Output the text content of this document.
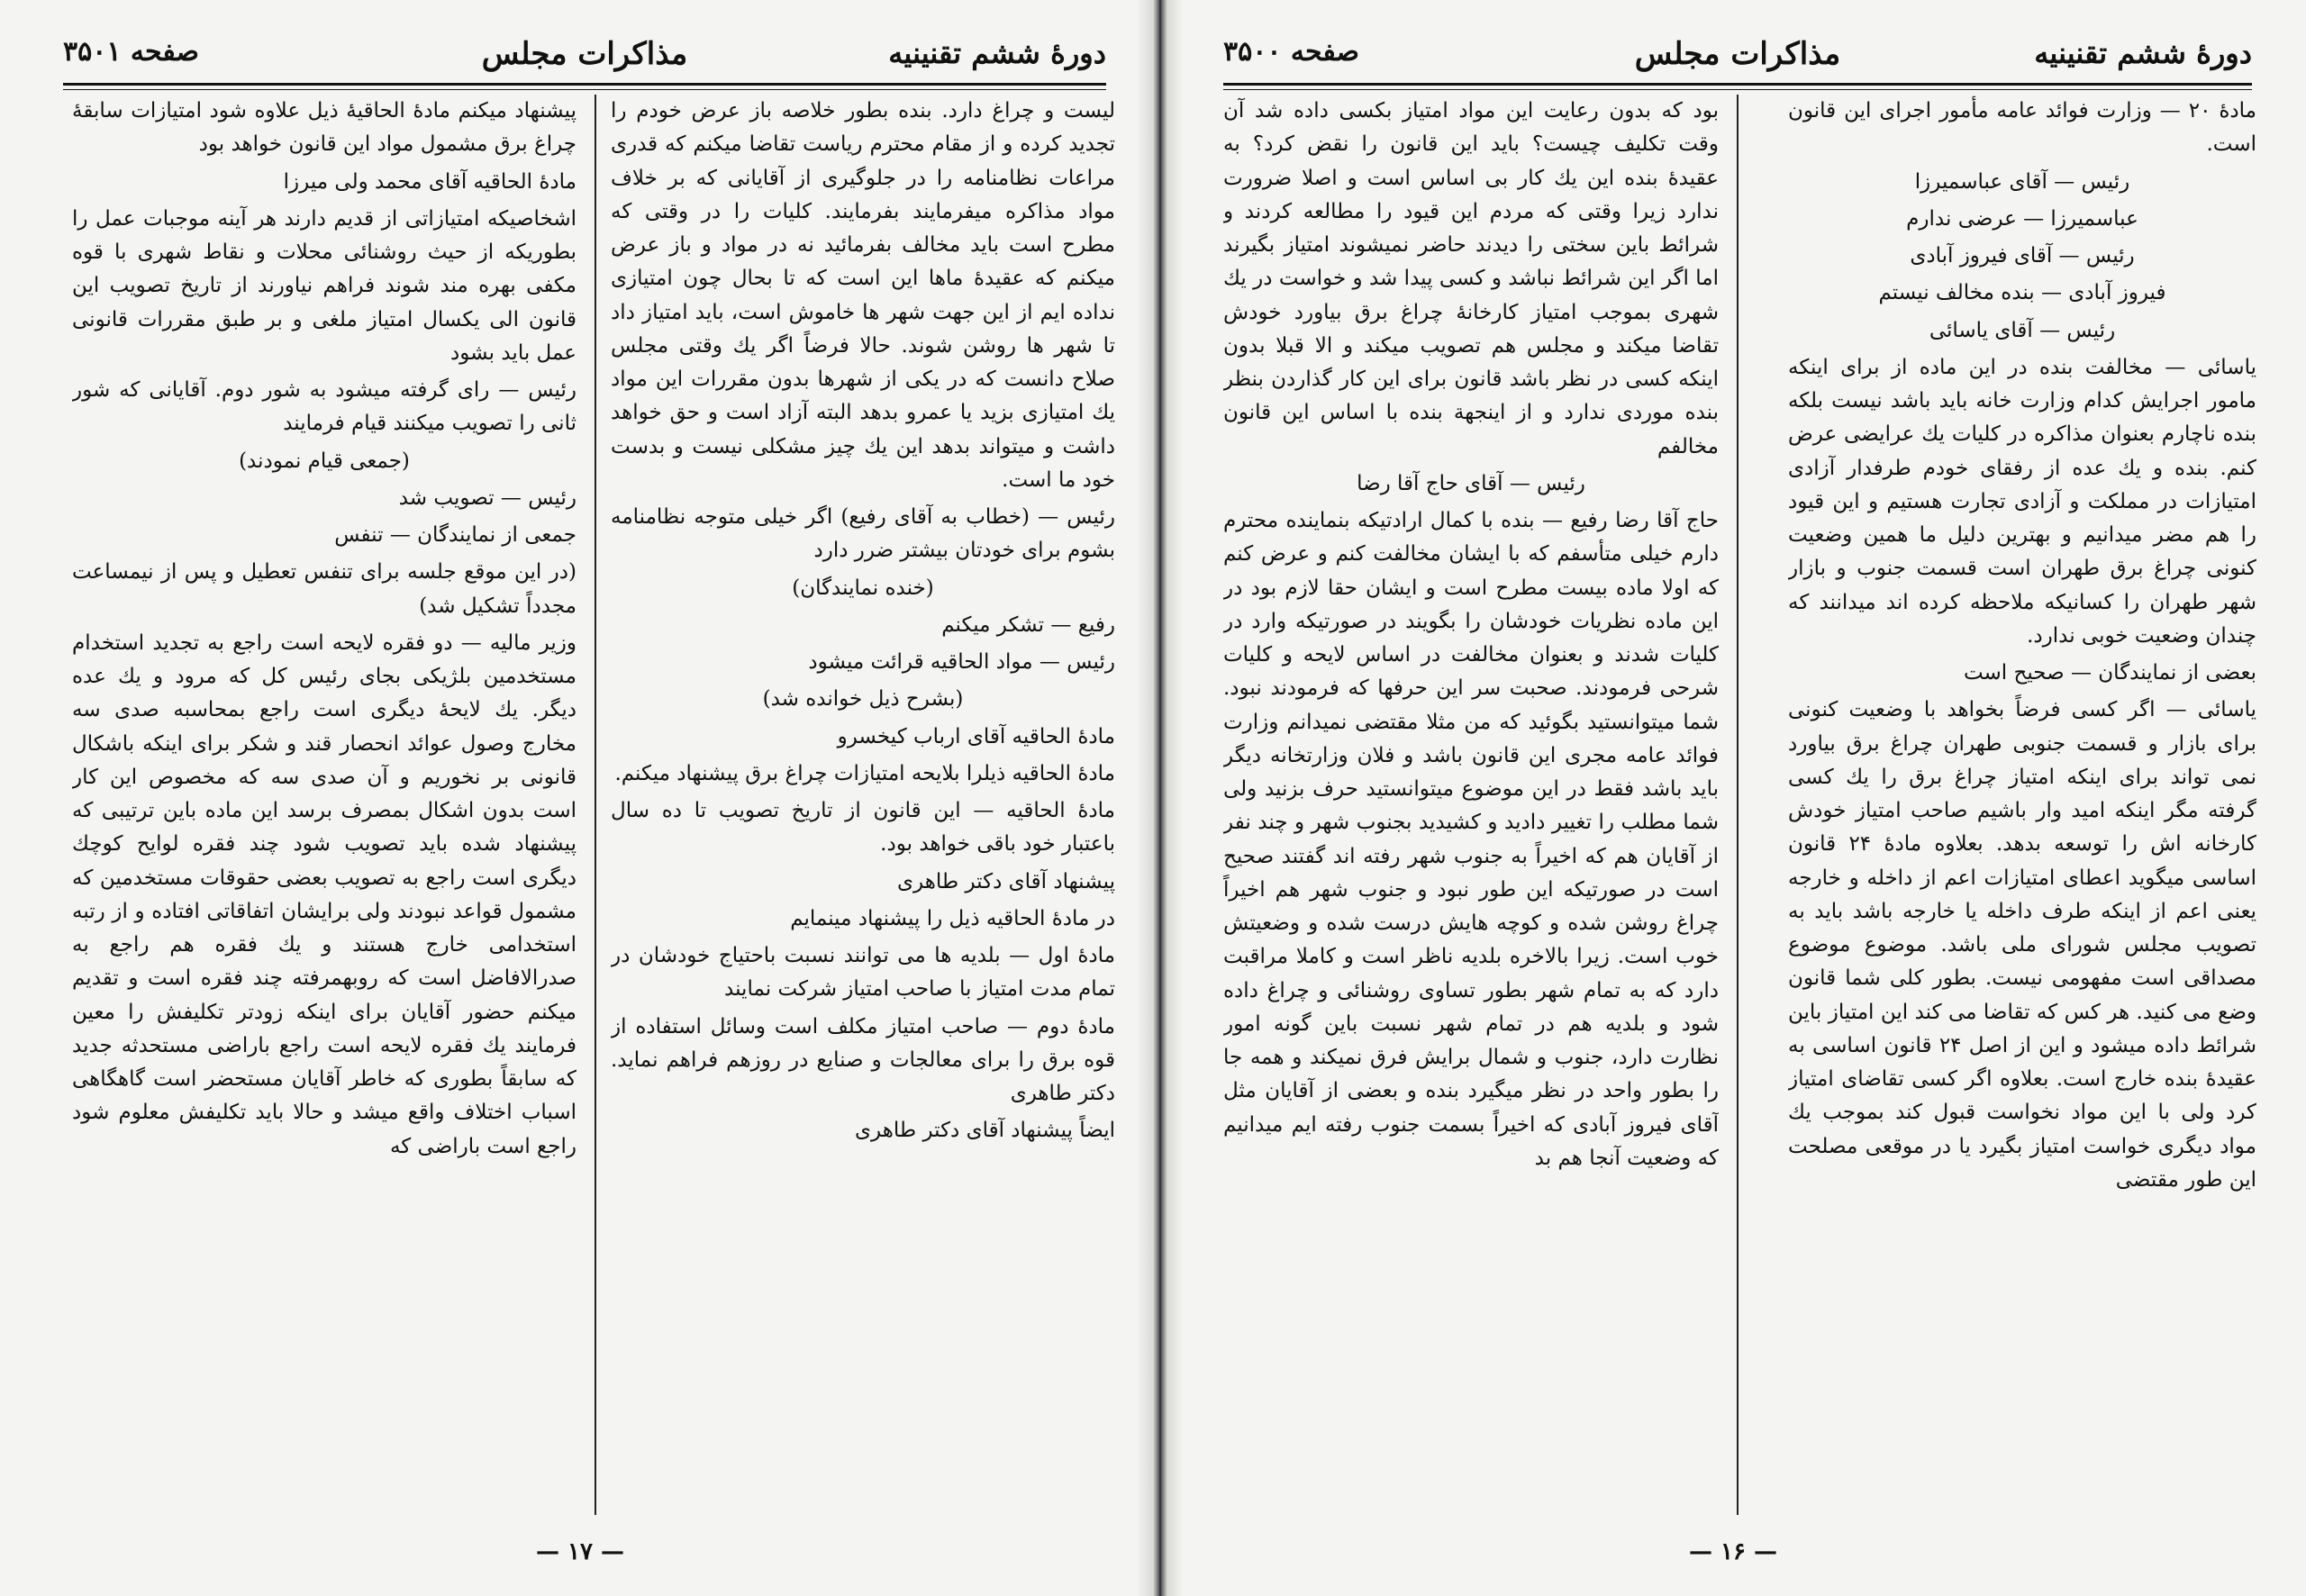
دورهٔ ششم تقنینیه
مذاکرات مجلس
صفحه ۳۵۰۱

لیست و چراغ دارد. بنده بطور خلاصه باز عرض خودم را تجدید کرده و از مقام محترم ریاست تقاضا میکنم که قدری مراعات نظامنامه را در جلوگیری از آقایانی که بر خلاف مواد مذاکره میفرمایند بفرمایند. کلیات را در وقتی که مطرح است باید مخالف بفرمائید نه در مواد و باز عرض میکنم که عقیدهٔ ماها این است که تا بحال چون امتیازی نداده ایم از این جهت شهر ها خاموش است، باید امتیاز داد تا شهر ها روشن شوند. حالا فرضاً اگر یك وقتی مجلس صلاح دانست که در یکی از شهرها بدون مقررات این مواد یك امتیازی بزید یا عمرو بدهد البته آزاد است و حق خواهد داشت و میتواند بدهد این یك چیز مشکلی نیست و بدست خود ما است.

رئیس — (خطاب به آقای رفیع) اگر خیلی متوجه نظامنامه بشوم برای خودتان بیشتر ضرر دارد

(خنده نمایندگان)

رفیع — تشکر میکنم

رئیس — مواد الحاقیه قرائت میشود

(بشرح ذیل خوانده شد)

مادهٔ الحاقیه آقای ارباب کیخسرو

مادهٔ الحاقیه ذیلرا بلایحه امتیازات چراغ برق پیشنهاد میکنم.

مادهٔ الحاقیه — این قانون از تاریخ تصویب تا ده سال باعتبار خود باقی خواهد بود.

پیشنهاد آقای دکتر طاهری

در مادهٔ الحاقیه ذیل را پیشنهاد مینمایم

مادهٔ اول — بلدیه ها می توانند نسبت باحتیاج خودشان در تمام مدت امتیاز با صاحب امتیاز شرکت نمایند

مادهٔ دوم — صاحب امتیاز مکلف است وسائل استفاده از قوه برق را برای معالجات و صنایع در روزهم فراهم نماید. دکتر طاهری

ایضاً پیشنهاد آقای دکتر طاهری

پیشنهاد میکنم مادهٔ الحاقیهٔ ذیل علاوه شود امتیازات سابقهٔ چراغ برق مشمول مواد این قانون خواهد بود

مادهٔ الحاقیه آقای محمد ولی میرزا

اشخاصیکه امتیازاتی از قدیم دارند هر آینه موجبات عمل را بطوریکه از حیث روشنائی محلات و نقاط شهری با قوه مکفی بهره مند شوند فراهم نیاورند از تاریخ تصویب این قانون الی یکسال امتیاز ملغی و بر طبق مقررات قانونی عمل باید بشود

رئیس — رای گرفته میشود به شور دوم. آقایانی که شور ثانی را تصویب میکنند قیام فرمایند

(جمعی قیام نمودند)

رئیس — تصویب شد

جمعی از نمایندگان — تنفس

(در این موقع جلسه برای تنفس تعطیل و پس از نیمساعت مجدداً تشکیل شد)

وزیر مالیه — دو فقره لایحه است راجع به تجدید استخدام مستخدمین بلژیکی بجای رئیس کل که مرود و یك عده دیگر. یك لایحهٔ دیگری است راجع بمحاسبه صدی سه مخارج وصول عوائد انحصار قند و شکر برای اینکه باشکال قانونی بر نخوریم و آن صدی سه که مخصوص این کار است بدون اشکال بمصرف برسد این ماده باین ترتیبی که پیشنهاد شده باید تصویب شود چند فقره لوایح کوچك دیگری است راجع به تصویب بعضی حقوقات مستخدمین که مشمول قواعد نبودند ولی برایشان اتفاقاتی افتاده و از رتبه استخدامی خارج هستند و یك فقره هم راجع به صدرالافاضل است که روبهمرفته چند فقره است و تقدیم میکنم حضور آقایان برای اینکه زودتر تکلیفش را معین فرمایند یك فقره لایحه است راجع باراضی مستحدثه جدید که سابقاً بطوری که خاطر آقایان مستحضر است گاهگاهی اسباب اختلاف واقع میشد و حالا باید تکلیفش معلوم شود راجع است باراضی که

— ۱۷ —
دورهٔ ششم تقنینیه
مذاکرات مجلس
صفحه ۳۵۰۰

مادهٔ ۲۰ — وزارت فوائد عامه مأمور اجرای این قانون است.

رئیس — آقای عباسمیرزا

عباسمیرزا — عرضی ندارم

رئیس — آقای فیروز آبادی

فیروز آبادی — بنده مخالف نیستم

رئیس — آقای یاسائی

یاسائی — مخالفت بنده در این ماده از برای اینکه مامور اجرایش کدام وزارت خانه باید باشد نیست بلکه بنده ناچارم بعنوان مذاکره در کلیات یك عرایضی عرض کنم. بنده و یك عده از رفقای خودم طرفدار آزادی امتیازات در مملکت و آزادی تجارت هستیم و این قیود را هم مضر میدانیم و بهترین دلیل ما همین وضعیت کنونی چراغ برق طهران است قسمت جنوب و بازار شهر طهران را کسانیکه ملاحظه کرده اند میدانند که چندان وضعیت خوبی ندارد.

بعضی از نمایندگان — صحیح است

یاسائی — اگر کسی فرضاً بخواهد با وضعیت کنونی برای بازار و قسمت جنوبی طهران چراغ برق بیاورد نمی تواند برای اینکه امتیاز چراغ برق را یك کسی گرفته مگر اینکه امید وار باشیم صاحب امتیاز خودش کارخانه اش را توسعه بدهد. بعلاوه مادهٔ ۲۴ قانون اساسی میگوید اعطای امتیازات اعم از داخله و خارجه یعنی اعم از اینکه طرف داخله یا خارجه باشد باید به تصویب مجلس شورای ملی باشد. موضوع موضوع مصداقی است مفهومی نیست. بطور کلی شما قانون وضع می کنید. هر کس که تقاضا می کند این امتیاز باین شرائط داده میشود و این از اصل ۲۴ قانون اساسی به عقیدهٔ بنده خارج است. بعلاوه اگر کسی تقاضای امتیاز کرد ولی با این مواد نخواست قبول کند بموجب یك مواد دیگری خواست امتیاز بگیرد یا در موقعی مصلحت این طور مقتضی

بود که بدون رعایت این مواد امتیاز بکسی داده شد آن وقت تکلیف چیست؟ باید این قانون را نقض کرد؟ به عقیدهٔ بنده این یك کار بی اساس است و اصلا ضرورت ندارد زیرا وقتی که مردم این قیود را مطالعه کردند و شرائط باین سختی را دیدند حاضر نمیشوند امتیاز بگیرند اما اگر این شرائط نباشد و کسی پیدا شد و خواست در یك شهری بموجب امتیاز کارخانهٔ چراغ برق بیاورد خودش تقاضا میکند و مجلس هم تصویب میکند و الا قبلا بدون اینکه کسی در نظر باشد قانون برای این کار گذاردن بنظر بنده موردی ندارد و از اینجهة بنده با اساس این قانون مخالفم

رئیس — آقای حاج آقا رضا

حاج آقا رضا رفیع — بنده با کمال ارادتیکه بنماینده محترم دارم خیلی متأسفم که با ایشان مخالفت کنم و عرض کنم که اولا ماده بیست مطرح است و ایشان حقا لازم بود در این ماده نظریات خودشان را بگویند در صورتیکه وارد در کلیات شدند و بعنوان مخالفت در اساس لایحه و کلیات شرحی فرمودند. صحبت سر این حرفها که فرمودند نبود. شما میتوانستید بگوئید که من مثلا مقتضی نمیدانم وزارت فوائد عامه مجری این قانون باشد و فلان وزارتخانه دیگر باید باشد فقط در این موضوع میتوانستید حرف بزنید ولی شما مطلب را تغییر دادید و کشیدید بجنوب شهر و چند نفر از آقایان هم که اخیراً به جنوب شهر رفته اند گفتند صحیح است در صورتیکه این طور نبود و جنوب شهر هم اخیراً چراغ روشن شده و کوچه هایش درست شده و وضعیتش خوب است. زیرا بالاخره بلدیه ناظر است و کاملا مراقبت دارد که به تمام شهر بطور تساوی روشنائی و چراغ داده شود و بلدیه هم در تمام شهر نسبت باین گونه امور نظارت دارد، جنوب و شمال برایش فرق نمیکند و همه جا را بطور واحد در نظر میگیرد بنده و بعضی از آقایان مثل آقای فیروز آبادی که اخیراً بسمت جنوب رفته ایم میدانیم که وضعیت آنجا هم بد

— ۱۶ —
